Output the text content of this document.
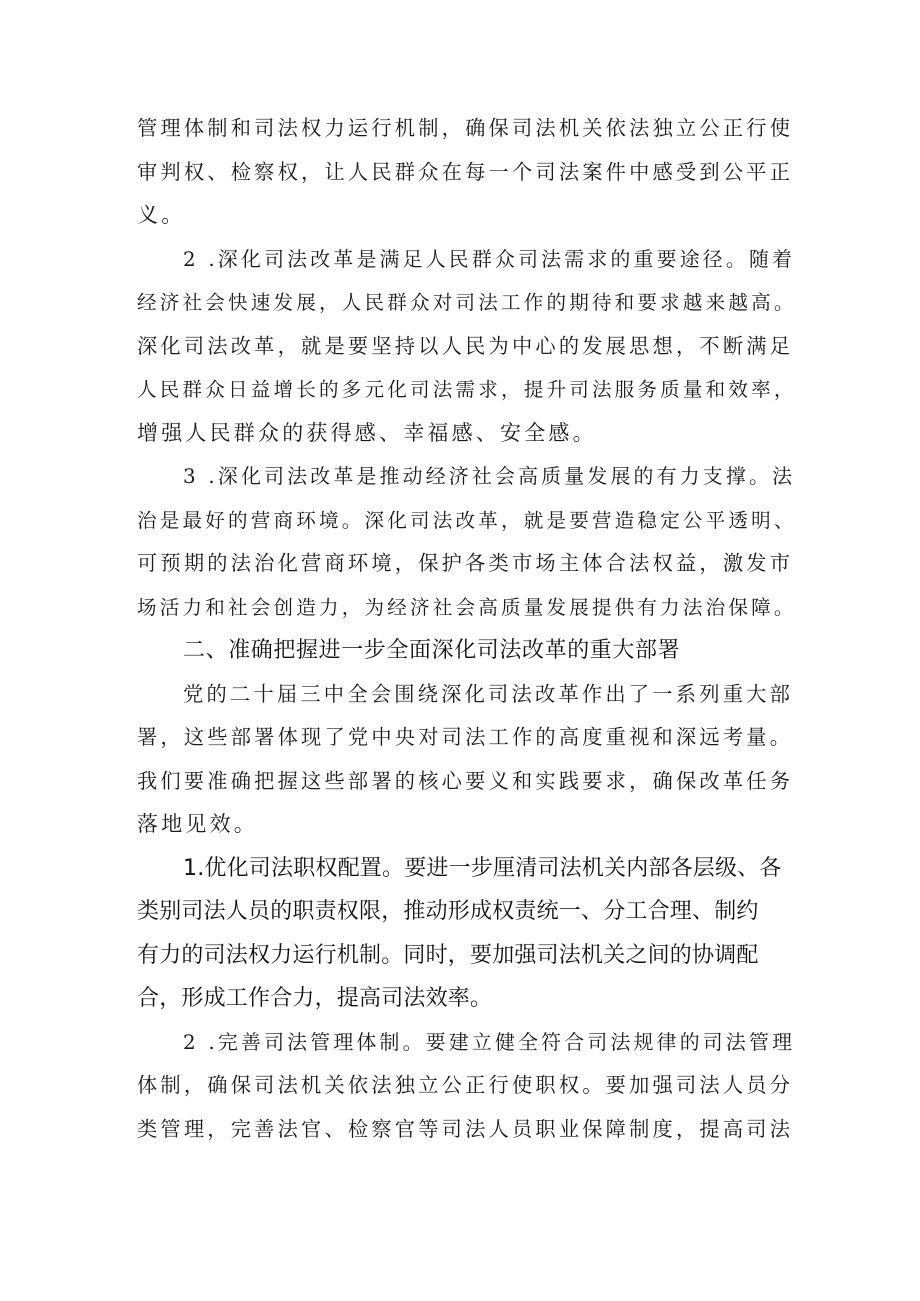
管理体制和司法权力运行机制，确保司法机关依法独立公正行使
审判权、检察权，让人民群众在每一个司法案件中感受到公平正
义。
2 .深化司法改革是满足人民群众司法需求的重要途径。随着
经济社会快速发展，人民群众对司法工作的期待和要求越来越高。
深化司法改革，就是要坚持以人民为中心的发展思想，不断满足
人民群众日益增长的多元化司法需求，提升司法服务质量和效率，
增强人民群众的获得感、幸福感、安全感。
3 .深化司法改革是推动经济社会高质量发展的有力支撑。法
治是最好的营商环境。深化司法改革，就是要营造稳定公平透明、
可预期的法治化营商环境，保护各类市场主体合法权益，激发市
场活力和社会创造力，为经济社会高质量发展提供有力法治保障。
二、准确把握进一步全面深化司法改革的重大部署
党的二十届三中全会围绕深化司法改革作出了一系列重大部
署，这些部署体现了党中央对司法工作的高度重视和深远考量。
我们要准确把握这些部署的核心要义和实践要求，确保改革任务
落地见效。
1.优化司法职权配置。要进一步厘清司法机关内部各层级、各
类别司法人员的职责权限，推动形成权责统一、分工合理、制约
有力的司法权力运行机制。同时，要加强司法机关之间的协调配
合，形成工作合力，提高司法效率。
2 .完善司法管理体制。要建立健全符合司法规律的司法管理
体制，确保司法机关依法独立公正行使职权。要加强司法人员分
类管理，完善法官、检察官等司法人员职业保障制度，提高司法
